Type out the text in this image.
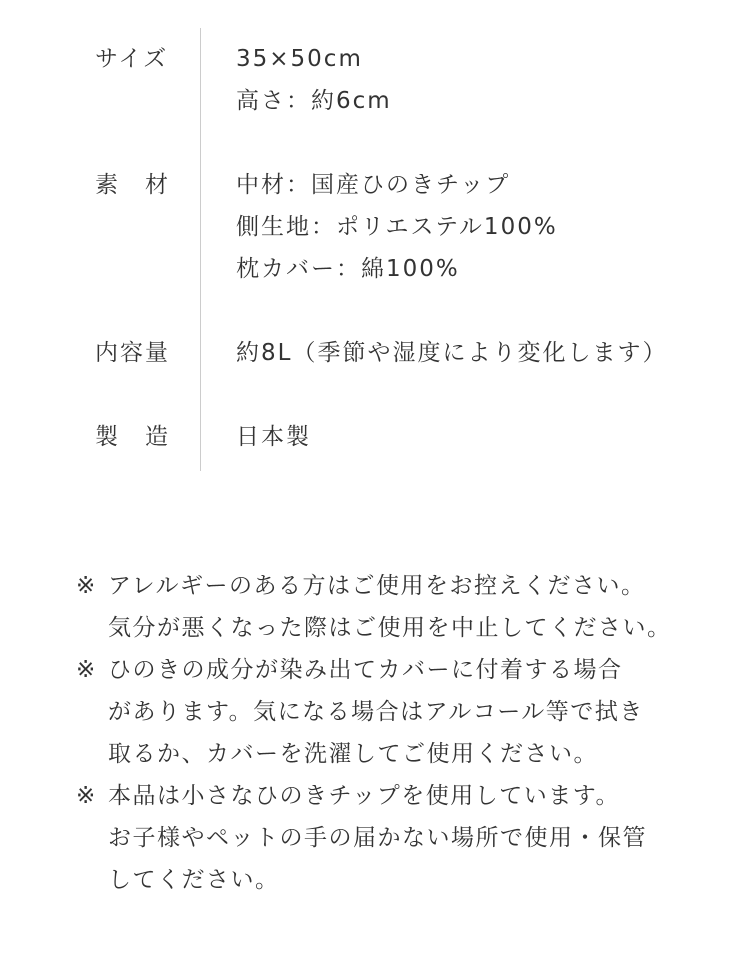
サイズ	35×50cm
高さ：約6cm
素　材	中材：国産ひのきチップ
側生地：ポリエステル100%
枕カバー：綿100%
内容量	約8L（季節や湿度により変化します）
製　造	日本製
※ アレルギーのある方はご使用をお控えください。
気分が悪くなった際はご使用を中止してください。
※ ひのきの成分が染み出てカバーに付着する場合
があります。気になる場合はアルコール等で拭き
取るか、カバーを洗濯してご使用ください。
※ 本品は小さなひのきチップを使用しています。
お子様やペットの手の届かない場所で使用・保管
してください。
